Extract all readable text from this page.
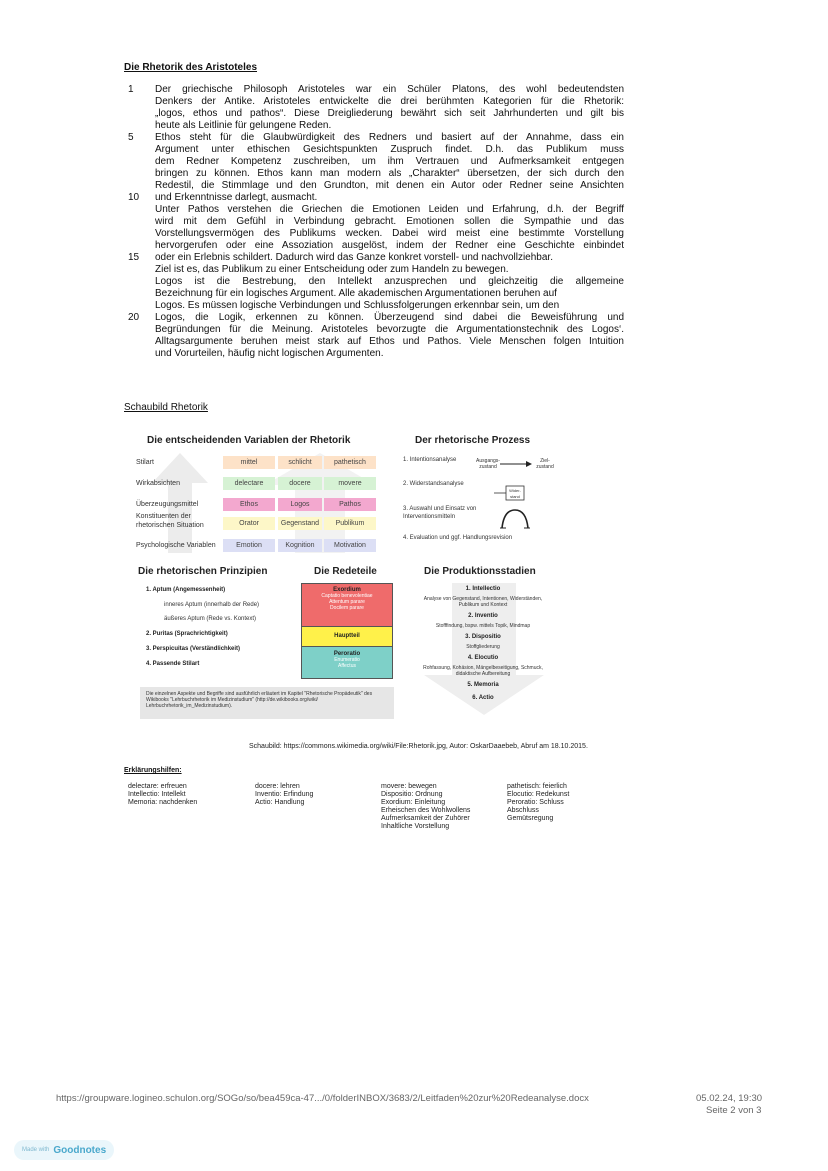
Die Rhetorik des Aristoteles
1 Der griechische Philosoph Aristoteles war ein Schüler Platons, des wohl bedeutendsten
Denkers der Antike. Aristoteles entwickelte die drei berühmten Kategorien für die Rhetorik:
„logos, ethos und pathos“. Diese Dreigliederung bewährt sich seit Jahrhunderten und gilt bis
heute als Leitlinie für gelungene Reden.
5 Ethos steht für die Glaubwürdigkeit des Redners und basiert auf der Annahme, dass ein
Argument unter ethischen Gesichtspunkten Zuspruch findet. D.h. das Publikum muss
dem Redner Kompetenz zuschreiben, um ihm Vertrauen und Aufmerksamkeit entgegen
bringen zu können. Ethos kann man modern als „Charakter“ übersetzen, der sich durch den
Redestil, die Stimmlage und den Grundton, mit denen ein Autor oder Redner seine Ansichten
10 und Erkenntnisse darlegt, ausmacht.
Unter Pathos verstehen die Griechen die Emotionen Leiden und Erfahrung, d.h. der Begriff
wird mit dem Gefühl in Verbindung gebracht. Emotionen sollen die Sympathie und das
Vorstellungsvermögen des Publikums wecken. Dabei wird meist eine bestimmte Vorstellung
hervorgerufen oder eine Assoziation ausgelöst, indem der Redner eine Geschichte einbindet
15 oder ein Erlebnis schildert. Dadurch wird das Ganze konkret vorstell- und nachvollziehbar.
Ziel ist es, das Publikum zu einer Entscheidung oder zum Handeln zu bewegen.
Logos ist die Bestrebung, den Intellekt anzusprechen und gleichzeitig die allgemeine
Bezeichnung für ein logisches Argument. Alle akademischen Argumentationen beruhen auf
Logos. Es müssen logische Verbindungen und Schlussfolgerungen erkennbar sein, um den
20 Logos, die Logik, erkennen zu können. Überzeugend sind dabei die Beweisführung und
Begründungen für die Meinung. Aristoteles bevorzugte die Argumentationstechnik des Logos‘.
Alltagsargumente beruhen meist stark auf Ethos und Pathos. Viele Menschen folgen Intuition
und Vorurteilen, häufig nicht logischen Argumenten.
Schaubild Rhetorik
Die entscheidenden Variablen der Rhetorik
Stilart	mittel	schlicht	pathetisch
Wirkabsichten	delectare	docere	movere
Überzeugungsmittel	Ethos	Logos	Pathos
Konstituenten der rhetorischen Situation	Orator	Gegenstand	Publikum
Psychologische Variablen	Emotion	Kognition	Motivation
Der rhetorische Prozess
1. Intentionsanalyse	Ausgangs-zustand
Ziel-zustand
2. Widerstandsanalyse
Wider-stand
3. Auswahl und Einsatz von Interventionsmitteln
4. Evaluation und ggf. Handlungsrevision
Die rhetorischen Prinzipien
1. Aptum (Angemessenheit)
inneres Aptum (innerhalb der Rede)
äußeres Aptum (Rede vs. Kontext)
2. Puritas (Sprachrichtigkeit)
3. Perspicuitas (Verständlichkeit)
4. Passende Stilart
Die einzelnen Aspekte und Begriffe sind ausführlich erläutert im Kapitel "Rhetorische Propädeutik" des Wikibooks "Lehrbuchrhetorik im Medizinstudium" (http://de.wikibooks.org/wiki/ Lehrbuchrhetorik_im_Medizinstudium).
Die Redeteile
Exordium
Captatio benevolentiae
Attentum parare
Docilem parare
Hauptteil
Peroratio
Enumeratio
Affectus
Die Produktionsstadien
1. Intellectio
Analyse von Gegenstand, Intentionen, Widerständen, Publikum und Kontext
2. Inventio
Stofffindung, bspw. mittels Topik, Mindmap
3. Dispositio
Stoffgliederung
4. Elocutio
Rohfassung, Kohäsion, Mängelbeseitigung, Schmuck, didaktische Aufbereitung
5. Memoria
6. Actio
Schaubild: https://commons.wikimedia.org/wiki/File:Rhetorik.jpg, Autor: OskarDaaebeb, Abruf am 18.10.2015.
Erklärungshilfen:
delectare: erfreuen
Intellectio: Intellekt
Memoria: nachdenken
docere: lehren
Inventio: Erfindung
Actio: Handlung
movere: bewegen
Dispositio: Ordnung
Exordium: Einleitung
Erheischen des Wohlwollens
Aufmerksamkeit der Zuhörer
Inhaltliche Vorstellung
pathetisch: feierlich
Elocutio: Redekunst
Peroratio: Schluss
Abschluss
Gemütsregung
https://groupware.logineo.schulon.org/SOGo/so/bea459ca-47.../0/folderINBOX/3683/2/Leitfaden%20zur%20Redeanalyse.docx	05.02.24, 19:30
Seite 2 von 3
Made with Goodnotes
